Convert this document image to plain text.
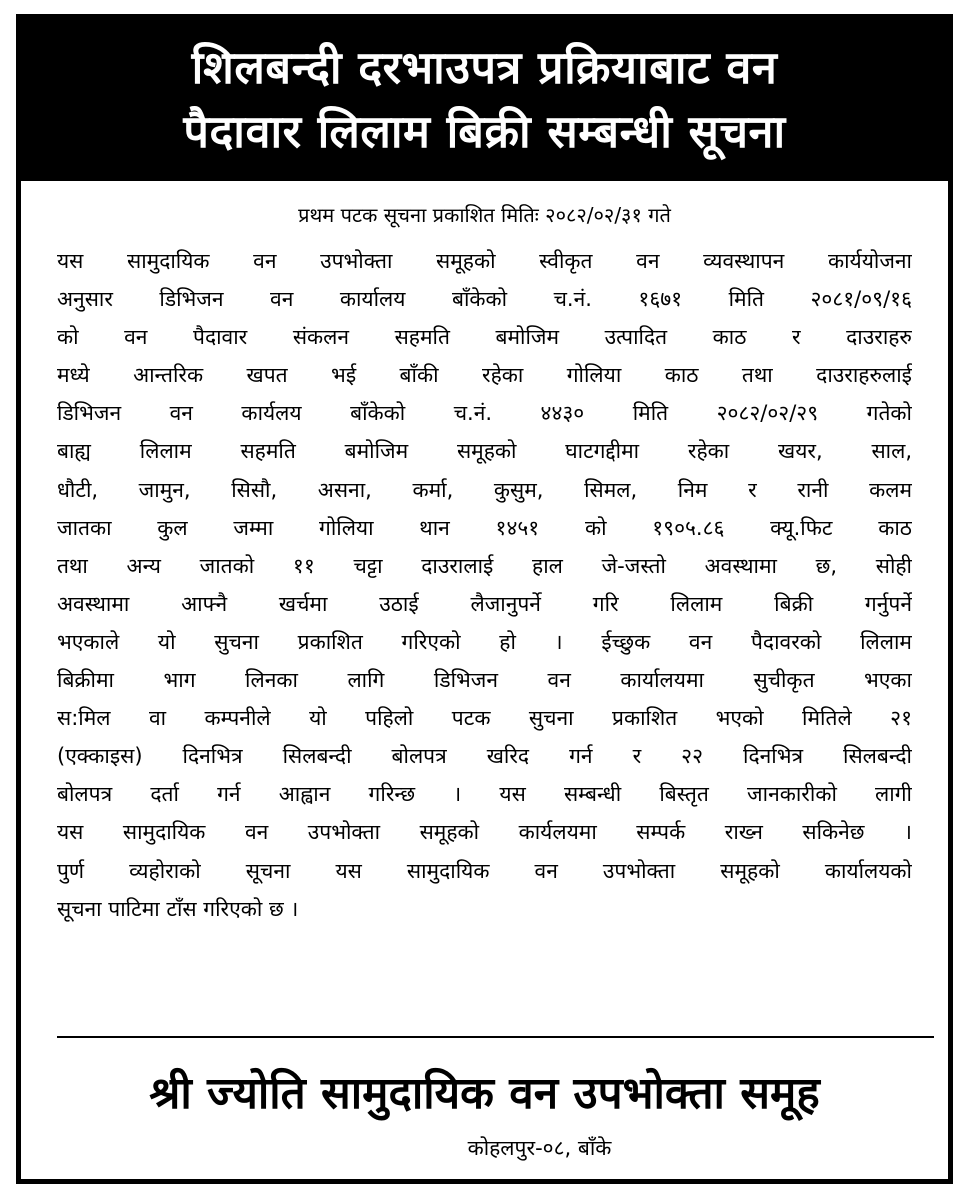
शिलबन्दी दरभाउपत्र प्रक्रियाबाट वन
पैदावार लिलाम बिक्री सम्बन्धी सूचना
प्रथम पटक सूचना प्रकाशित मितिः २०८२/०२/३१ गते
यस सामुदायिक वन उपभोक्ता समूहको स्वीकृत वन व्यवस्थापन कार्ययोजना
अनुसार डिभिजन वन कार्यालय बाँकेको च.नं. १६७१ मिति २०८१/०९/१६
को वन पैदावार संकलन सहमति बमोजिम उत्पादित काठ र दाउराहरु
मध्ये आन्तरिक खपत भई बाँकी रहेका गोलिया काठ तथा दाउराहरुलाई
डिभिजन वन कार्यलय बाँकेको च.नं. ४४३० मिति २०८२/०२/२९ गतेको
बाह्य लिलाम सहमति बमोजिम समूहको घाटगद्दीमा रहेका खयर, साल,
धौटी, जामुन, सिसौ, असना, कर्मा, कुसुम, सिमल, निम र रानी कलम
जातका कुल जम्मा गोलिया थान १४५१ को १९०५.८६ क्यू.फिट काठ
तथा अन्य जातको ११ चट्टा दाउरालाई हाल जे-जस्तो अवस्थामा छ, सोही
अवस्थामा आफ्नै खर्चमा उठाई लैजानुपर्ने गरि लिलाम बिक्री गर्नुपर्ने
भएकाले यो सुचना प्रकाशित गरिएको हो । ईच्छुक वन पैदावरको लिलाम
बिक्रीमा भाग लिनका लागि डिभिजन वन कार्यालयमा सुचीकृत भएका
स:मिल वा कम्पनीले यो पहिलो पटक सुचना प्रकाशित भएको मितिले २१
(एक्काइस) दिनभित्र सिलबन्दी बोलपत्र खरिद गर्न र २२ दिनभित्र सिलबन्दी
बोलपत्र दर्ता गर्न आह्वान गरिन्छ । यस सम्बन्धी बिस्तृत जानकारीको लागी
यस सामुदायिक वन उपभोक्ता समूहको कार्यलयमा सम्पर्क राख्न सकिनेछ ।
पुर्ण व्यहोराको सूचना यस सामुदायिक वन उपभोक्ता समूहको कार्यालयको
सूचना पाटिमा टाँस गरिएको छ ।
श्री ज्योति सामुदायिक वन उपभोक्ता समूह
कोहलपुर-०८, बाँके
